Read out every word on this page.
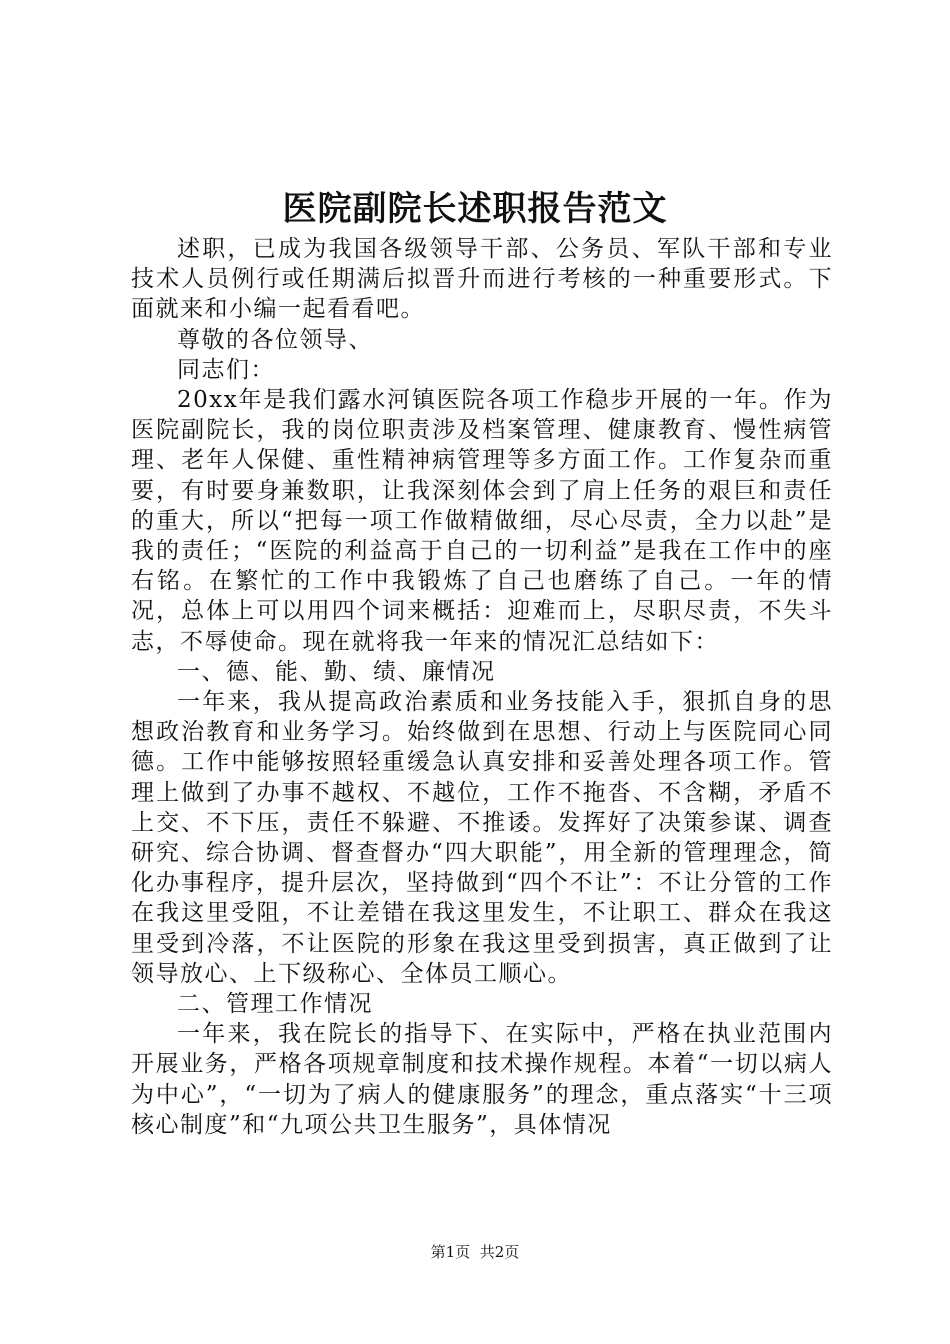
医院副院长述职报告范文

述职，已成为我国各级领导干部、公务员、军队干部和专业技术人员例行或任期满后拟晋升而进行考核的一种重要形式。下面就来和小编一起看看吧。

尊敬的各位领导、

同志们：

20xx年是我们露水河镇医院各项工作稳步开展的一年。作为医院副院长，我的岗位职责涉及档案管理、健康教育、慢性病管理、老年人保健、重性精神病管理等多方面工作。工作复杂而重要，有时要身兼数职，让我深刻体会到了肩上任务的艰巨和责任的重大，所以“把每一项工作做精做细，尽心尽责，全力以赴”是我的责任；“医院的利益高于自己的一切利益”是我在工作中的座右铭。在繁忙的工作中我锻炼了自己也磨练了自己。一年的情况，总体上可以用四个词来概括：迎难而上，尽职尽责，不失斗志，不辱使命。现在就将我一年来的情况汇总结如下：

一、德、能、勤、绩、廉情况

一年来，我从提高政治素质和业务技能入手，狠抓自身的思想政治教育和业务学习。始终做到在思想、行动上与医院同心同德。工作中能够按照轻重缓急认真安排和妥善处理各项工作。管理上做到了办事不越权、不越位，工作不拖沓、不含糊，矛盾不上交、不下压，责任不躲避、不推诿。发挥好了决策参谋、调查研究、综合协调、督查督办“四大职能”，用全新的管理理念，简化办事程序，提升层次，坚持做到“四个不让”：不让分管的工作在我这里受阻，不让差错在我这里发生，不让职工、群众在我这里受到冷落，不让医院的形象在我这里受到损害，真正做到了让领导放心、上下级称心、全体员工顺心。

二、管理工作情况

一年来，我在院长的指导下、在实际中，严格在执业范围内开展业务，严格各项规章制度和技术操作规程。本着“一切以病人为中心”，“一切为了病人的健康服务”的理念，重点落实“十三项核心制度”和“九项公共卫生服务”，具体情况

第1页 共2页
